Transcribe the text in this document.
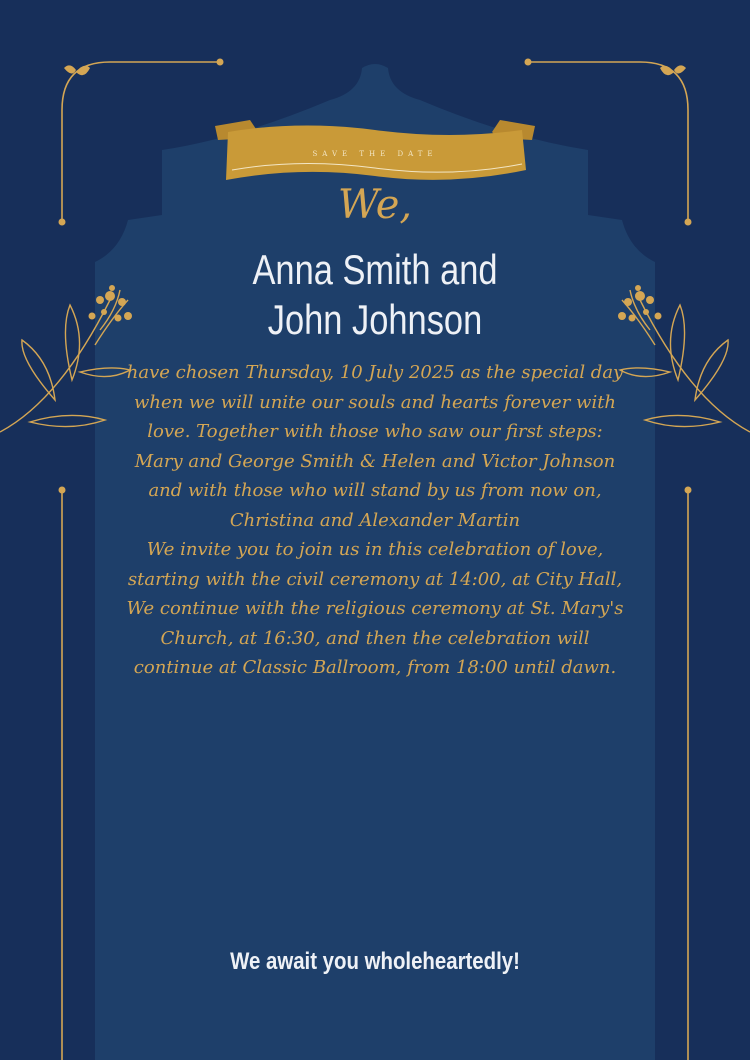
SAVE THE DATE
We,
Anna Smith and
John Johnson
have chosen Thursday, 10 July 2025 as the special day when we will unite our souls and hearts forever with love. Together with those who saw our first steps:
Mary and George Smith & Helen and Victor Johnson
and with those who will stand by us from now on,
Christina and Alexander Martin
We invite you to join us in this celebration of love, starting with the civil ceremony at 14:00, at City Hall,
We continue with the religious ceremony at St. Mary's Church, at 16:30, and then the celebration will continue at Classic Ballroom, from 18:00 until dawn.
We await you wholeheartedly!
